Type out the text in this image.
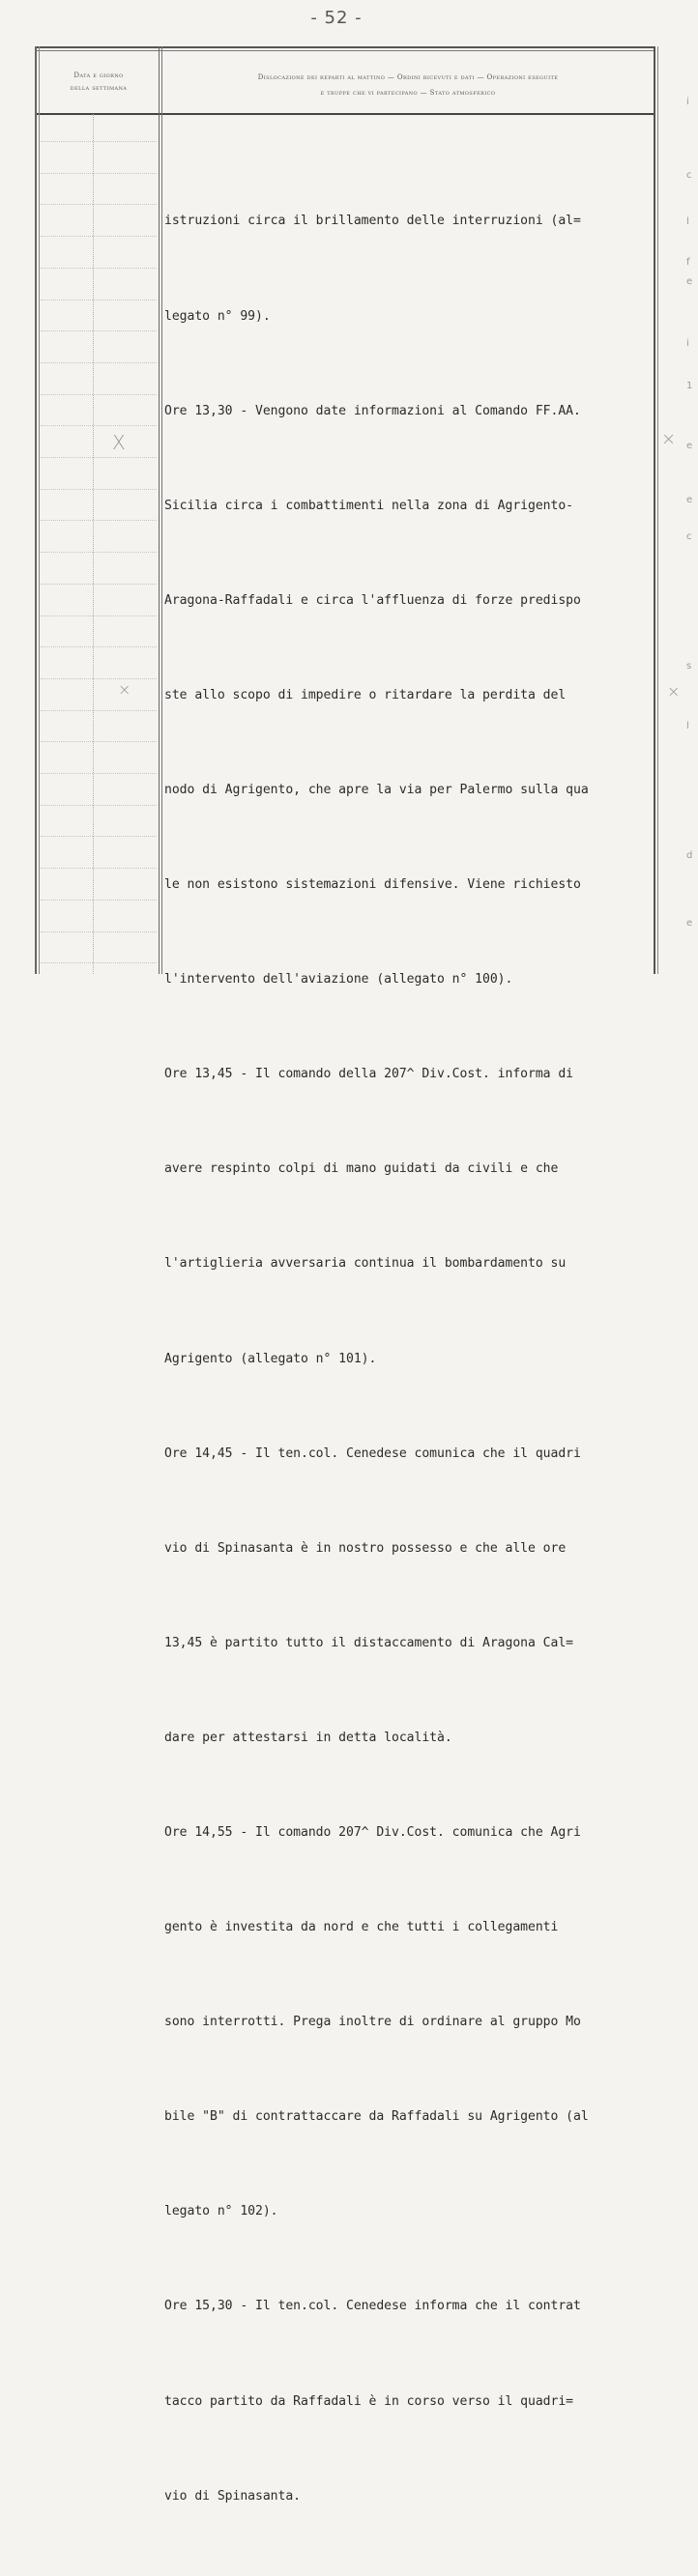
- 52 -
Data e giorno
della settimana
Dislocazione dei reparti al mattino — Ordini ricevuti e dati — Operazioni eseguite
e truppe che vi partecipano — Stato atmosferico

istruzioni circa il brillamento delle interruzioni (al=

legato n° 99).

Ore 13,30 - Vengono date informazioni al Comando FF.AA.

Sicilia circa i combattimenti nella zona di Agrigento-

Aragona-Raffadali e circa l'affluenza di forze predispo

ste allo scopo di impedire o ritardare la perdita del

nodo di Agrigento, che apre la via per Palermo sulla qua

le non esistono sistemazioni difensive. Viene richiesto

l'intervento dell'aviazione (allegato n° 100).

Ore 13,45 - Il comando della 207^ Div.Cost. informa di

avere respinto colpi di mano guidati da civili e che

l'artiglieria avversaria continua il bombardamento su

Agrigento (allegato n° 101).

Ore 14,45 - Il ten.col. Cenedese comunica che il quadri

vio di Spinasanta è in nostro possesso e che alle ore

13,45 è partito tutto il distaccamento di Aragona Cal=

dare per attestarsi in detta località.

Ore 14,55 - Il comando 207^ Div.Cost. comunica che Agri

gento è investita da nord e che tutti i collegamenti

sono interrotti. Prega inoltre di ordinare al gruppo Mo

bile "B" di contrattaccare da Raffadali su Agrigento (al

legato n° 102).

Ore 15,30 - Il ten.col. Cenedese informa che il contrat

tacco partito da Raffadali è in corso verso il quadri=

vio di Spinasanta.

X
×
×
×
i
c
l
f
e
i
1
e
e
c
s
l
d
e
